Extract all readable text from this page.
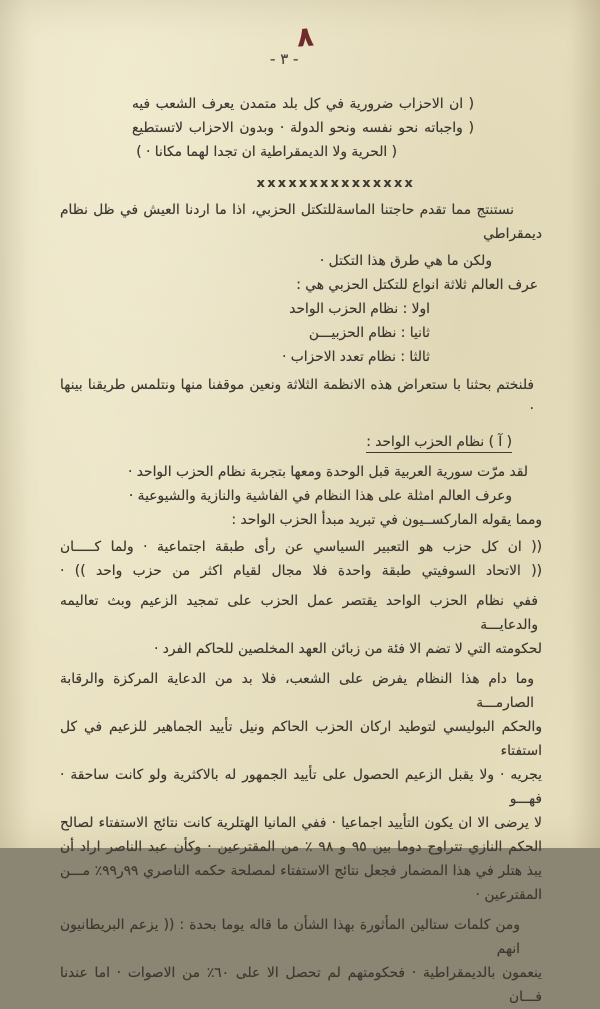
٨
- ٣ -
( ان الاحزاب ضرورية في كل بلد متمدن يعرف الشعب فيه
( واجباته نحو نفسه ونحو الدولة · وبدون الاحزاب لاتستطيع
( الحرية ولا الديمقراطية ان تجدا لهما مكانا · )
xxxxxxxxxxxxxxx
نستنتج مما تقدم حاجتنا الماسةللتكتل الحزبي، اذا ما اردنا العيش في ظل نظام
ديمقراطي
ولكن ما هي طرق هذا التكتل ·
عرف العالم ثلاثة انواع للتكتل الحزبي هي :
اولا : نظام الحزب الواحد
ثانيا : نظام الحزبيـــن
ثالثا : نظام تعدد الاحزاب ·
فلنختم بحثنا با ستعراض هذه الانظمة الثلاثة ونعين موقفنا منها ونتلمس طريقنا بينها ·
( آ ) نظام الحزب الواحد :
لقد مرّت سورية العربية قبل الوحدة ومعها بتجربة نظام الحزب الواحد ·
وعرف العالم امثلة على هذا النظام في الفاشية والنازية والشيوعية ·
ومما يقوله الماركســيون في تبريد مبدأ الحزب الواحد :
(( ان كل حزب هو التعبير السياسي عن رأى طبقة اجتماعية · ولما كـــــان
(( الاتحاد السوفيتي طبقة واحدة فلا مجال لقيام اكثر من حزب واحد )) ·
ففي نظام الحزب الواحد يقتصر عمل الحزب على تمجيد الزعيم وبث تعاليمه والدعايـــة
لحكومته التي لا تضم الا فئة من زبائن العهد المخلصين للحاكم الفرد ·
وما دام هذا النظام يفرض على الشعب، فلا بد من الدعاية المركزة والرقابة الصارمـــة
والحكم البوليسي لتوطيد اركان الحزب الحاكم ونيل تأييد الجماهير للزعيم في كل استفتاء
يجريه · ولا يقبل الزعيم الحصول على تأييد الجمهور له بالاكثرية ولو كانت ساحقة · فهـــو
لا يرضى الا ان يكون التأييد اجماعيا · ففي المانيا الهتلرية كانت نتائج الاستفتاء لصالح
الحكم النازي تتراوح دوما بين ٩٥ و ٩٨ ٪ من المقترعين · وكأن عبد الناصر اراد أن
يبذ هتلر في هذا المضمار فجعل نتائج الاستفتاء لمصلحة حكمه الناصري ٩٩ر٩٩٪ مـــن
المقترعين ·
ومن كلمات ستالين المأثورة بهذا الشأن ما قاله يوما بحدة : (( يزعم البريطانيون انهم
ينعمون بالديمقراطية · فحكومتهم لم تحصل الا على ٦٠٪ من الاصوات · اما عندنا فـــان
